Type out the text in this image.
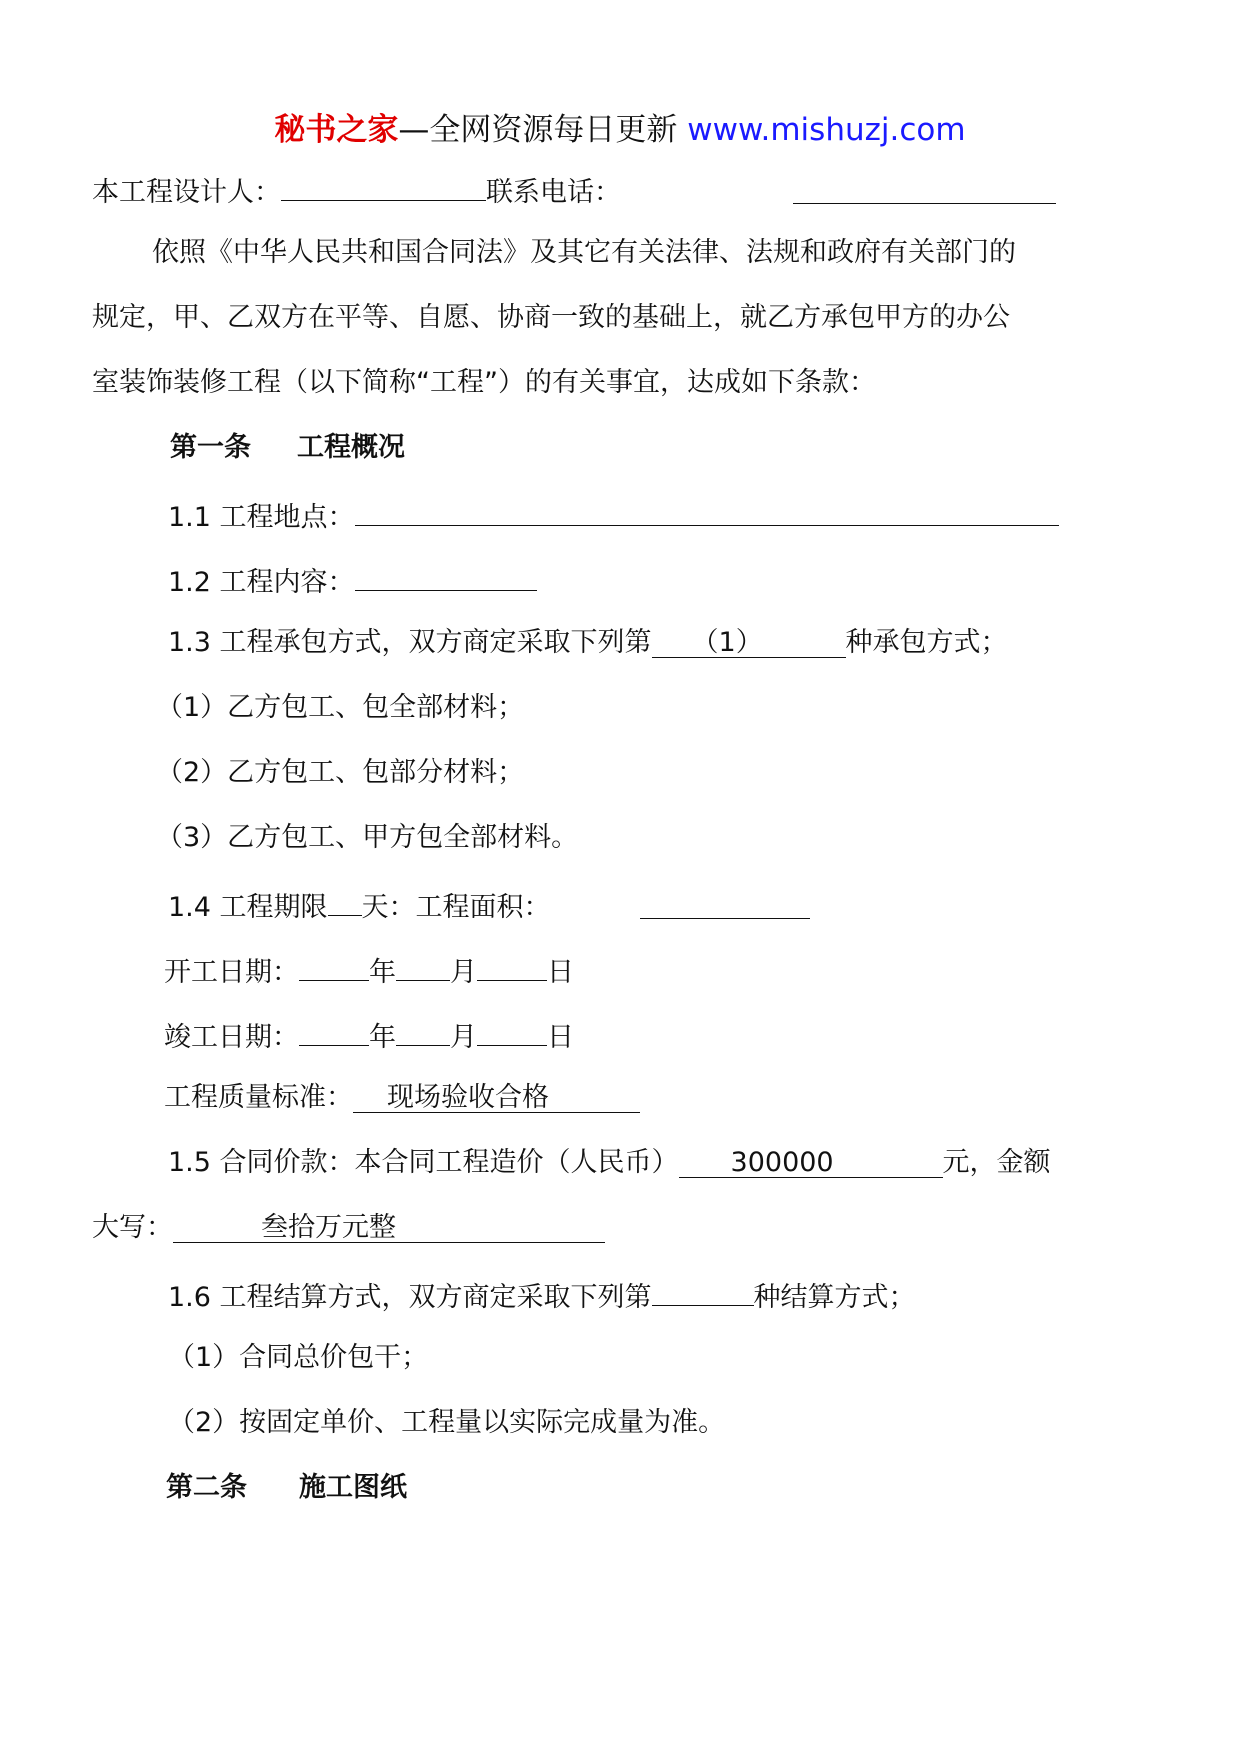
秘书之家—全网资源每日更新 www.mishuzj.com
本工程设计人：	联系电话：
依照《中华人民共和国合同法》及其它有关法律、法规和政府有关部门的
规定，甲、乙双方在平等、自愿、协商一致的基础上，就乙方承包甲方的办公
室装饰装修工程（以下简称“工程”）的有关事宜，达成如下条款：
第一条 工程概况
1.1 工程地点：
1.2 工程内容：
1.3 工程承包方式，双方商定采取下列第 （1）	种承包方式；
（1）乙方包工、包全部材料；
（2）乙方包工、包部分材料；
（3）乙方包工、甲方包全部材料。
1.4 工程期限 天：工程面积：
开工日期：	年 月	日
竣工日期：	年 月	日
工程质量标准： 现场验收合格
1.5 合同价款：本合同工程造价（人民币） 300000	元，金额
大写：	叁拾万元整
1.6 工程结算方式，双方商定采取下列第	种结算方式；
（1）合同总价包干；
（2）按固定单价、工程量以实际完成量为准。
第二条 施工图纸
